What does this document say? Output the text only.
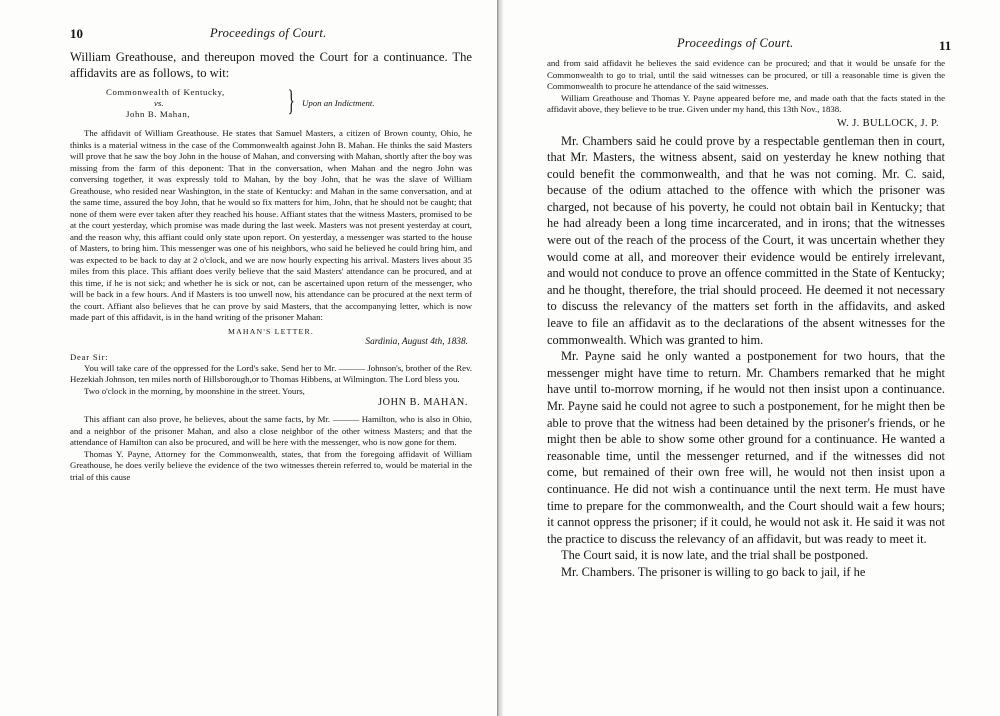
10	Proceedings of Court.

William Greathouse, and thereupon moved the Court for a continuance. The affidavits are as follows, to wit:

Commonwealth of Kentucky,
vs.
John B. Mahan,	} Upon an Indictment.

The affidavit of William Greathouse. He states that Samuel Masters, a citizen of Brown county, Ohio, he thinks is a material witness in the case of the Commonwealth against John B. Mahan. He thinks the said Masters will prove that he saw the boy John in the house of Mahan, and conversing with Mahan, shortly after the boy was missing from the farm of this deponent: That in the conversation, when Mahan and the negro John was conversing together, it was expressly told to Mahan, by the boy John, that he was the slave of William Greathouse, who resided near Washington, in the state of Kentucky: and Mahan in the same conversation, and at the same time, assured the boy John, that he would so fix matters for him, John, that he should not be caught; that none of them were ever taken after they reached his house. Affiant states that the witness Masters, promised to be at the court yesterday, which promise was made during the last week. Masters was not present yesterday at court, and the reason why, this affiant could only state upon report. On yesterday, a messenger was started to the house of Masters, to bring him. This messenger was one of his neighbors, who said he believed he could bring him, and was expected to be back to day at 2 o'clock, and we are now hourly expecting his arrival. Masters lives about 35 miles from this place. This affiant does verily believe that the said Masters' attendance can be procured, and at this time, if he is not sick; and whether he is sick or not, can be ascertained upon return of the messenger, who will be back in a few hours. And if Masters is too unwell now, his attendance can be procured at the next term of the court. Affiant also believes that he can prove by said Masters, that the accompanying letter, which is now made part of this affidavit, is in the hand writing of the prisoner Mahan:

MAHAN'S LETTER.
Sardinia, August 4th, 1838.
Dear Sir:

You will take care of the oppressed for the Lord's sake. Send her to Mr. ——— Johnson's, brother of the Rev. Hezekiah Johnson, ten miles north of Hillsborough,or to Thomas Hibbens, at Wilmington. The Lord bless you.

Two o'clock in the morning, by moonshine in the street. Yours,

JOHN B. MAHAN.

This affiant can also prove, he believes, about the same facts, by Mr. ——— Hamilton, who is also in Ohio, and a neighbor of the prisoner Mahan, and also a close neighbor of the other witness Masters; and that the attendance of Hamilton can also be procured, and will be here with the messenger, who is now gone for them.

Thomas Y. Payne, Attorney for the Commonwealth, states, that from the foregoing affidavit of William Greathouse, he does verily believe the evidence of the two witnesses therein referred to, would be material in the trial of this cause

Proceedings of Court.	11

and from said affidavit he believes the said evidence can be procured; and that it would be unsafe for the Commonwealth to go to trial, until the said witnesses can be procured, or till a reasonable time is given the Commonwealth to procure he attendance of the said witnesses.

William Greathouse and Thomas Y. Payne appeared before me, and made oath that the facts stated in the affidavit above, they believe to be true. Given under my hand, this 13th Nov., 1838.

W. J. BULLOCK, J. P.

Mr. Chambers said he could prove by a respectable gentleman then in court, that Mr. Masters, the witness absent, said on yesterday he knew nothing that could benefit the commonwealth, and that he was not coming. Mr. C. said, because of the odium attached to the offence with which the prisoner was charged, not because of his poverty, he could not obtain bail in Kentucky; that he had already been a long time incarcerated, and in irons; that the witnesses were out of the reach of the process of the Court, it was uncertain whether they would come at all, and moreover their evidence would be entirely irrelevant, and would not conduce to prove an offence committed in the State of Kentucky; and he thought, therefore, the trial should proceed. He deemed it not necessary to discuss the relevancy of the matters set forth in the affidavits, and asked leave to file an affidavit as to the declarations of the absent witnesses for the commonwealth. Which was granted to him.

Mr. Payne said he only wanted a postponement for two hours, that the messenger might have time to return. Mr. Chambers remarked that he might have until to-morrow morning, if he would not then insist upon a continuance. Mr. Payne said he could not agree to such a postponement, for he might then be able to prove that the witness had been detained by the prisoner's friends, or he might then be able to show some other ground for a continuance. He wanted a reasonable time, until the messenger returned, and if the witnesses did not come, but remained of their own free will, he would not then insist upon a continuance. He did not wish a continuance until the next term. He must have time to prepare for the commonwealth, and the Court should wait a few hours; it cannot oppress the prisoner; if it could, he would not ask it. He said it was not the practice to discuss the relevancy of an affidavit, but was ready to meet it.

The Court said, it is now late, and the trial shall be postponed.

Mr. Chambers. The prisoner is willing to go back to jail, if he
